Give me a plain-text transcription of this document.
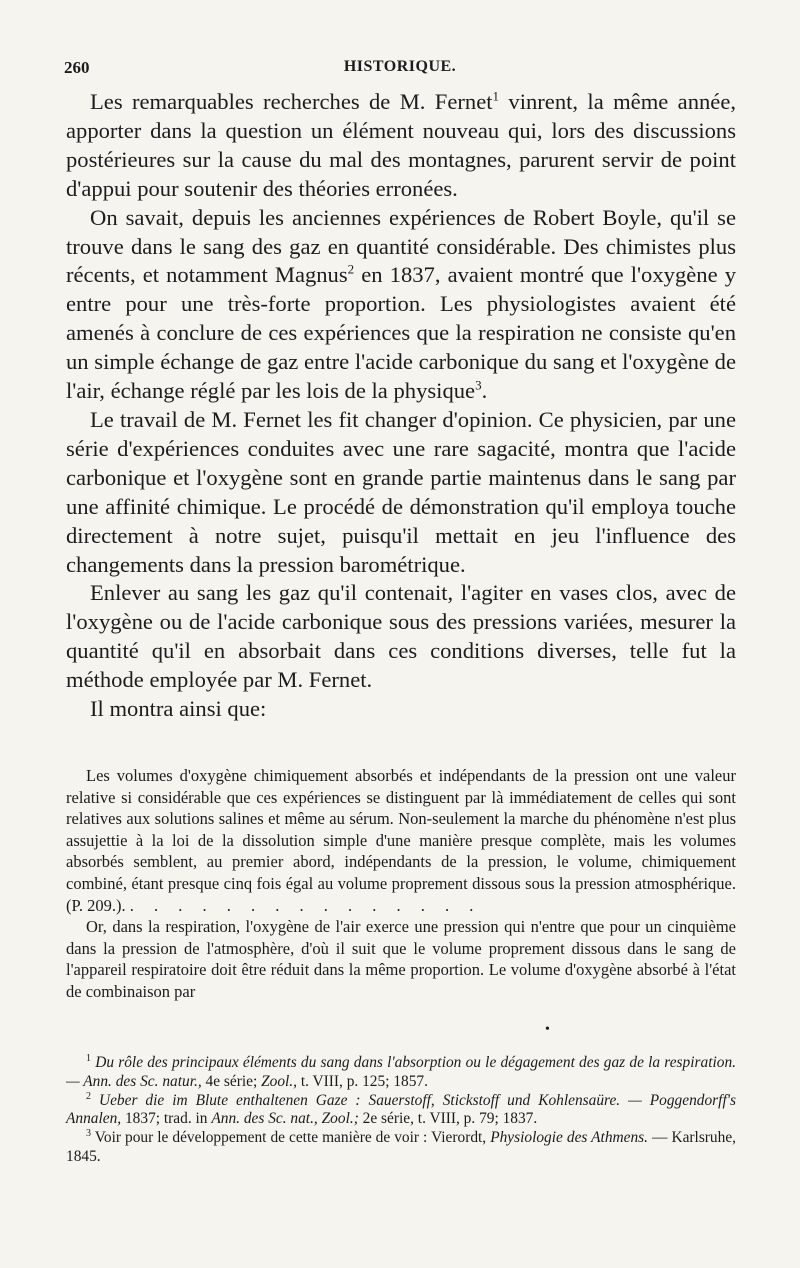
260	HISTORIQUE.

Les remarquables recherches de M. Fernet$^1$ vinrent, la même année, apporter dans la question un élément nouveau qui, lors des discussions postérieures sur la cause du mal des montagnes, parurent servir de point d'appui pour soutenir des théories erronées.

On savait, depuis les anciennes expériences de Robert Boyle, qu'il se trouve dans le sang des gaz en quantité considérable. Des chimistes plus récents, et notamment Magnus$^2$ en 1837, avaient montré que l'oxygène y entre pour une très-forte proportion. Les physiologistes avaient été amenés à conclure de ces expériences que la respiration ne consiste qu'en un simple échange de gaz entre l'acide carbonique du sang et l'oxygène de l'air, échange réglé par les lois de la physique$^3$.

Le travail de M. Fernet les fit changer d'opinion. Ce physicien, par une série d'expériences conduites avec une rare sagacité, montra que l'acide carbonique et l'oxygène sont en grande partie maintenus dans le sang par une affinité chimique. Le procédé de démonstration qu'il employa touche directement à notre sujet, puisqu'il mettait en jeu l'influence des changements dans la pression barométrique.

Enlever au sang les gaz qu'il contenait, l'agiter en vases clos, avec de l'oxygène ou de l'acide carbonique sous des pressions variées, mesurer la quantité qu'il en absorbait dans ces conditions diverses, telle fut la méthode employée par M. Fernet.

Il montra ainsi que:

Les volumes d'oxygène chimiquement absorbés et indépendants de la pression ont une valeur relative si considérable que ces expériences se distinguent par là immédiatement de celles qui sont relatives aux solutions salines et même au sérum. Non-seulement la marche du phénomène n'est plus assujettie à la loi de la dissolution simple d'une manière presque complète, mais les volumes absorbés semblent, au premier abord, indépendants de la pression, le volume, chimiquement combiné, étant presque cinq fois égal au volume proprement dissous sous la pression atmosphérique. (P. 209.). . . . . . . . . . . . . . . .

Or, dans la respiration, l'oxygène de l'air exerce une pression qui n'entre que pour un cinquième dans la pression de l'atmosphère, d'où il suit que le volume proprement dissous dans le sang de l'appareil respiratoire doit être réduit dans la même proportion. Le volume d'oxygène absorbé à l'état de combinaison par

•

$^1$ Du rôle des principaux éléments du sang dans l'absorption ou le dégagement des gaz de la respiration. — Ann. des Sc. natur., 4e série; Zool., t. VIII, p. 125; 1857.

$^2$ Ueber die im Blute enthaltenen Gaze : Sauerstoff, Stickstoff und Kohlensaüre. — Poggendorff's Annalen, 1837; trad. in Ann. des Sc. nat., Zool.; 2e série, t. VIII, p. 79; 1837.

$^3$ Voir pour le développement de cette manière de voir : Vierordt, Physiologie des Athmens. — Karlsruhe, 1845.
